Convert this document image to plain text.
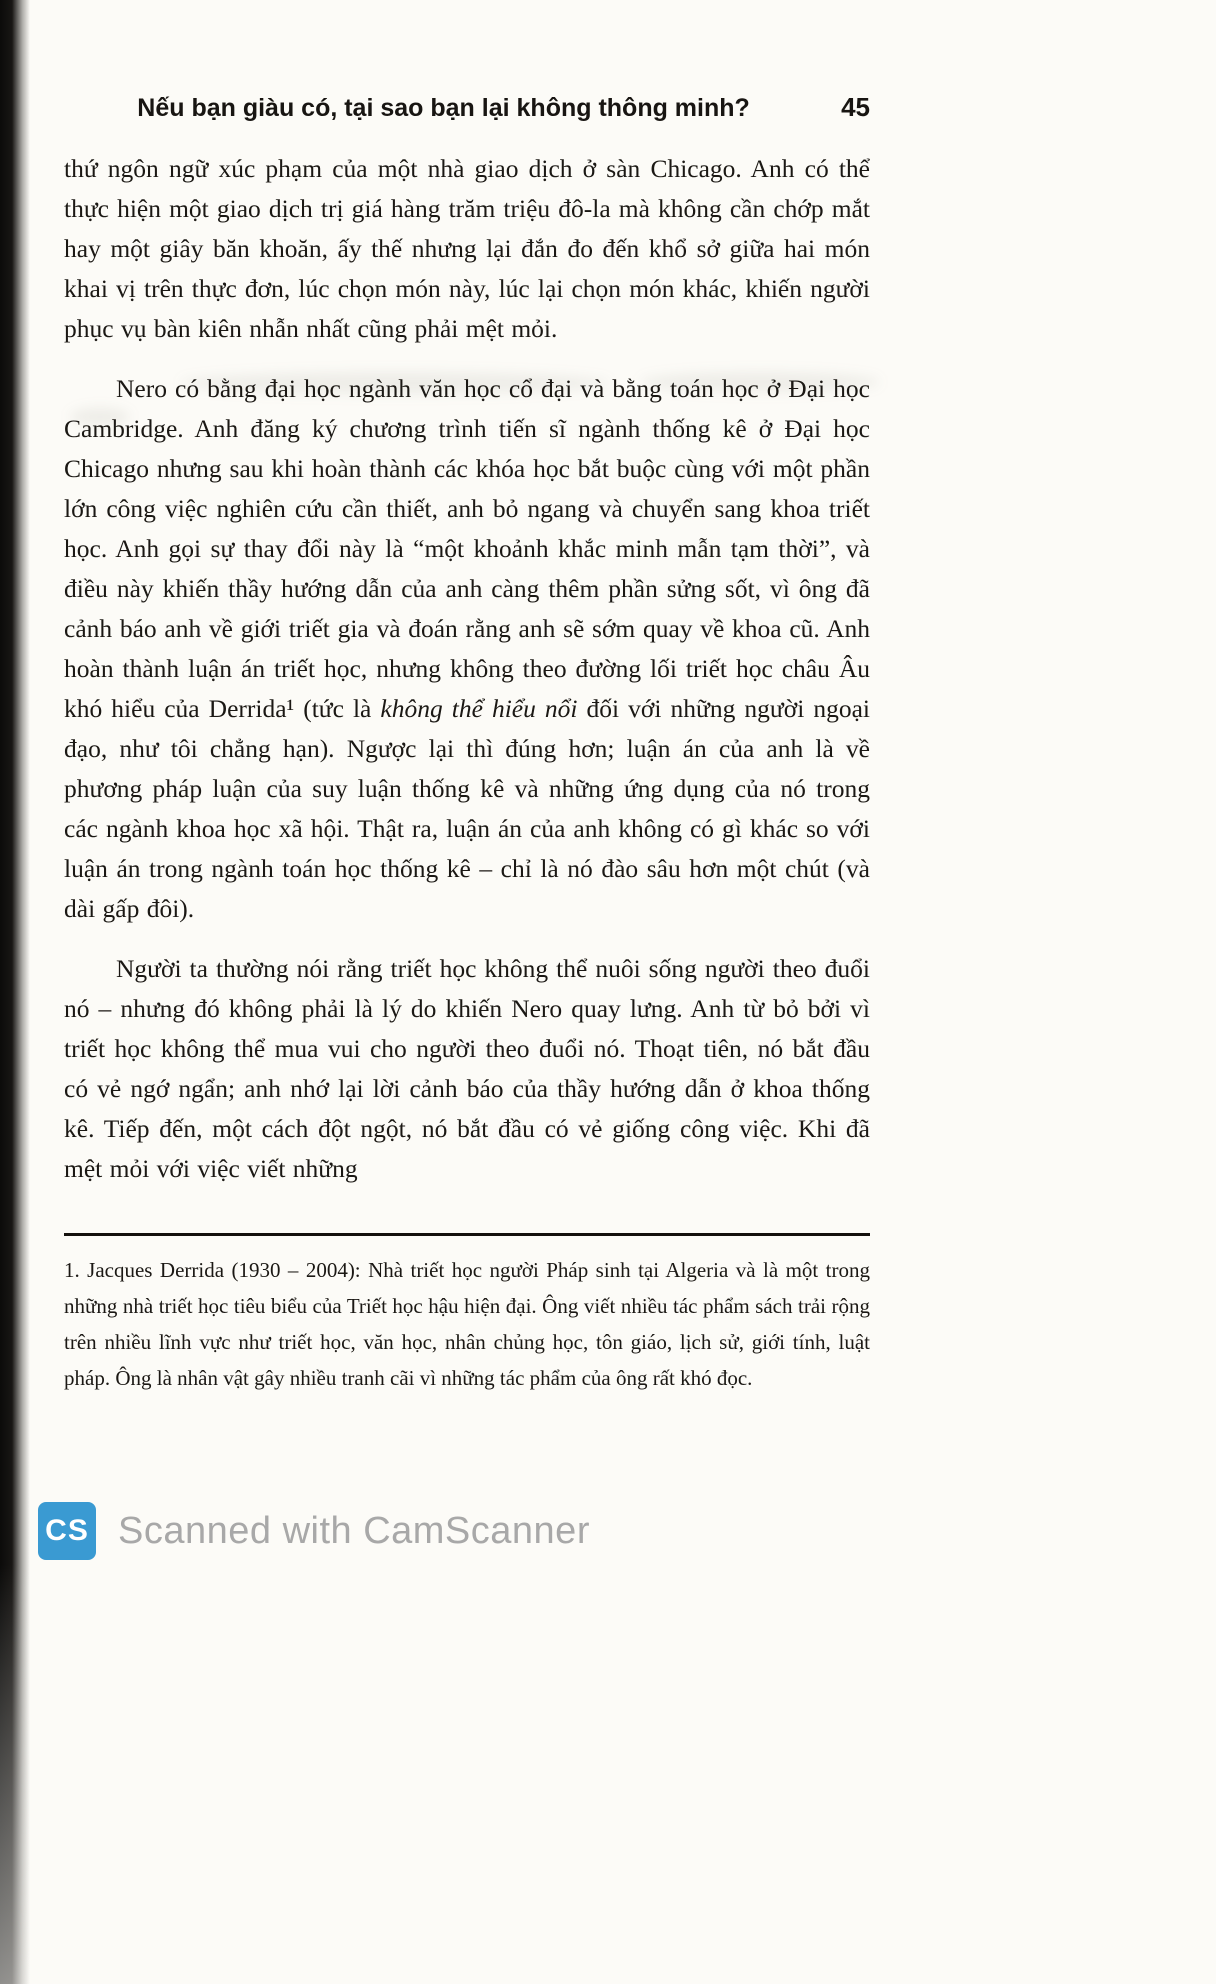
Nếu bạn giàu có, tại sao bạn lại không thông minh?	45

thứ ngôn ngữ xúc phạm của một nhà giao dịch ở sàn Chicago. Anh có thể thực hiện một giao dịch trị giá hàng trăm triệu đô-la mà không cần chớp mắt hay một giây băn khoăn, ấy thế nhưng lại đắn đo đến khổ sở giữa hai món khai vị trên thực đơn, lúc chọn món này, lúc lại chọn món khác, khiến người phục vụ bàn kiên nhẫn nhất cũng phải mệt mỏi.

Nero có bằng đại học ngành văn học cổ đại và bằng toán học ở Đại học Cambridge. Anh đăng ký chương trình tiến sĩ ngành thống kê ở Đại học Chicago nhưng sau khi hoàn thành các khóa học bắt buộc cùng với một phần lớn công việc nghiên cứu cần thiết, anh bỏ ngang và chuyển sang khoa triết học. Anh gọi sự thay đổi này là “một khoảnh khắc minh mẫn tạm thời”, và điều này khiến thầy hướng dẫn của anh càng thêm phần sửng sốt, vì ông đã cảnh báo anh về giới triết gia và đoán rằng anh sẽ sớm quay về khoa cũ. Anh hoàn thành luận án triết học, nhưng không theo đường lối triết học châu Âu khó hiểu của Derrida¹ (tức là không thể hiểu nổi đối với những người ngoại đạo, như tôi chẳng hạn). Ngược lại thì đúng hơn; luận án của anh là về phương pháp luận của suy luận thống kê và những ứng dụng của nó trong các ngành khoa học xã hội. Thật ra, luận án của anh không có gì khác so với luận án trong ngành toán học thống kê – chỉ là nó đào sâu hơn một chút (và dài gấp đôi).

Người ta thường nói rằng triết học không thể nuôi sống người theo đuổi nó – nhưng đó không phải là lý do khiến Nero quay lưng. Anh từ bỏ bởi vì triết học không thể mua vui cho người theo đuổi nó. Thoạt tiên, nó bắt đầu có vẻ ngớ ngẩn; anh nhớ lại lời cảnh báo của thầy hướng dẫn ở khoa thống kê. Tiếp đến, một cách đột ngột, nó bắt đầu có vẻ giống công việc. Khi đã mệt mỏi với việc viết những

1. Jacques Derrida (1930 – 2004): Nhà triết học người Pháp sinh tại Algeria và là một trong những nhà triết học tiêu biểu của Triết học hậu hiện đại. Ông viết nhiều tác phẩm sách trải rộng trên nhiều lĩnh vực như triết học, văn học, nhân chủng học, tôn giáo, lịch sử, giới tính, luật pháp. Ông là nhân vật gây nhiều tranh cãi vì những tác phẩm của ông rất khó đọc.

CS Scanned with CamScanner
